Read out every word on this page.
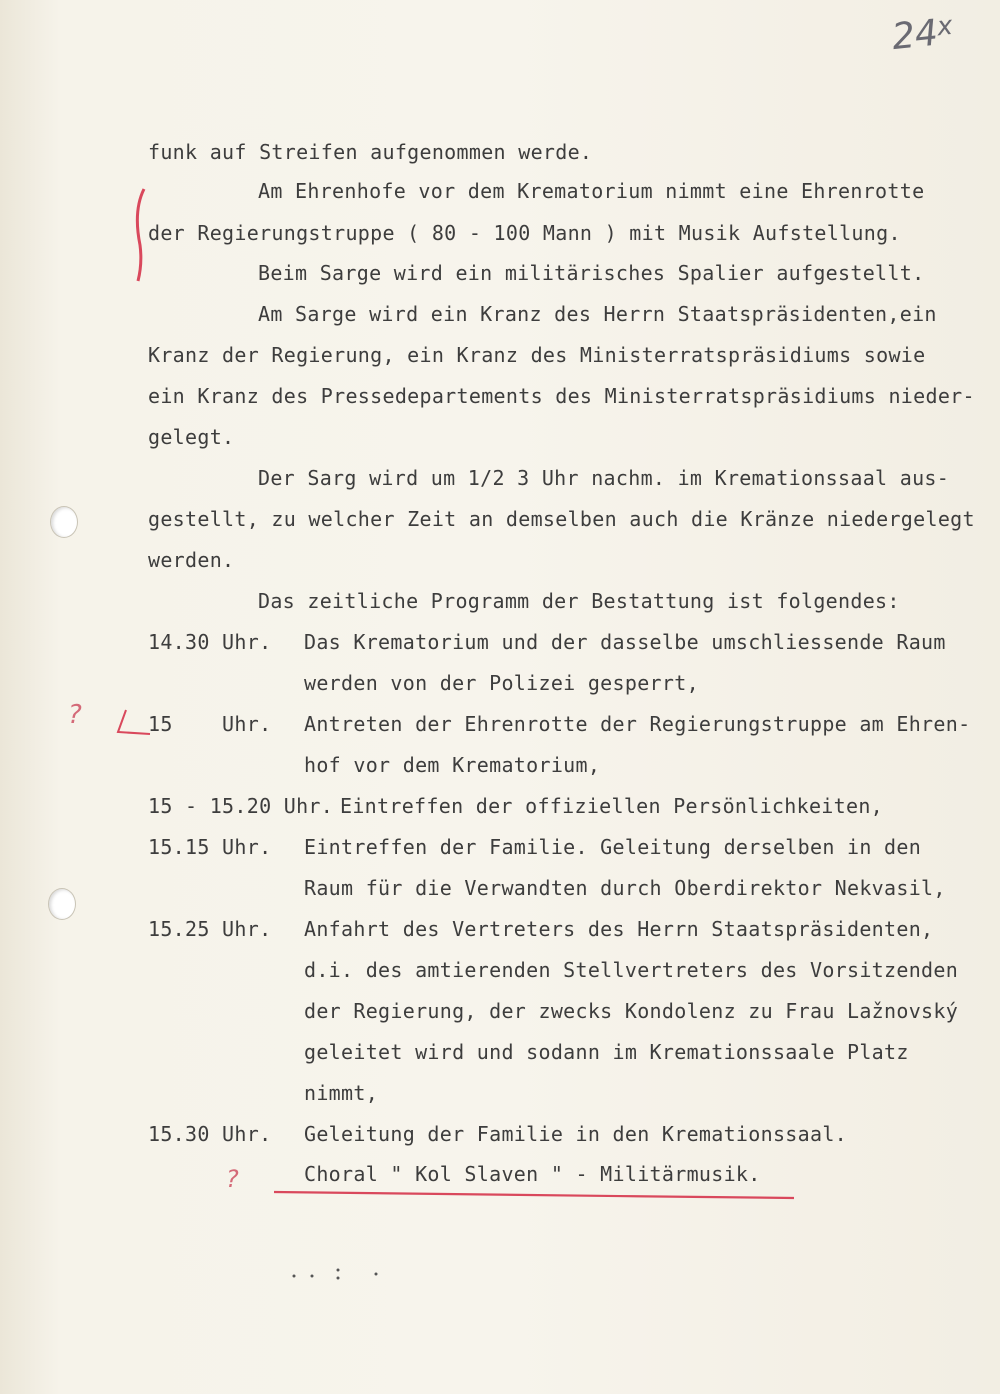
24$^x$
funk auf Streifen aufgenommen werde.
Am Ehrenhofe vor dem Krematorium nimmt eine Ehrenrotte
der Regierungstruppe ( 80 - 100 Mann ) mit Musik Aufstellung.
Beim Sarge wird ein militärisches Spalier aufgestellt.
Am Sarge wird ein Kranz des Herrn Staatspräsidenten,ein
Kranz der Regierung, ein Kranz des Ministerratspräsidiums sowie
ein Kranz des Pressedepartements des Ministerratspräsidiums nieder-
gelegt.
Der Sarg wird um 1/2 3 Uhr nachm. im Kremationssaal aus-
gestellt, zu welcher Zeit an demselben auch die Kränze niedergelegt
werden.
Das zeitliche Programm der Bestattung ist folgendes:
14.30 Uhr. Das Krematorium und der dasselbe umschliessende Raum
werden von der Polizei gesperrt,
15    Uhr. Antreten der Ehrenrotte der Regierungstruppe am Ehren-
hof vor dem Krematorium,
15 - 15.20 Uhr. Eintreffen der offiziellen Persönlichkeiten,
15.15 Uhr. Eintreffen der Familie. Geleitung derselben in den
Raum für die Verwandten durch Oberdirektor Nekvasil,
15.25 Uhr. Anfahrt des Vertreters des Herrn Staatspräsidenten,
d.i. des amtierenden Stellvertreters des Vorsitzenden
der Regierung, der zwecks Kondolenz zu Frau Lažnovský
geleitet wird und sodann im Kremationssaale Platz
nimmt,
15.30 Uhr. Geleitung der Familie in den Kremationssaal.
Choral " Kol Slaven " - Militärmusik.
?
?
